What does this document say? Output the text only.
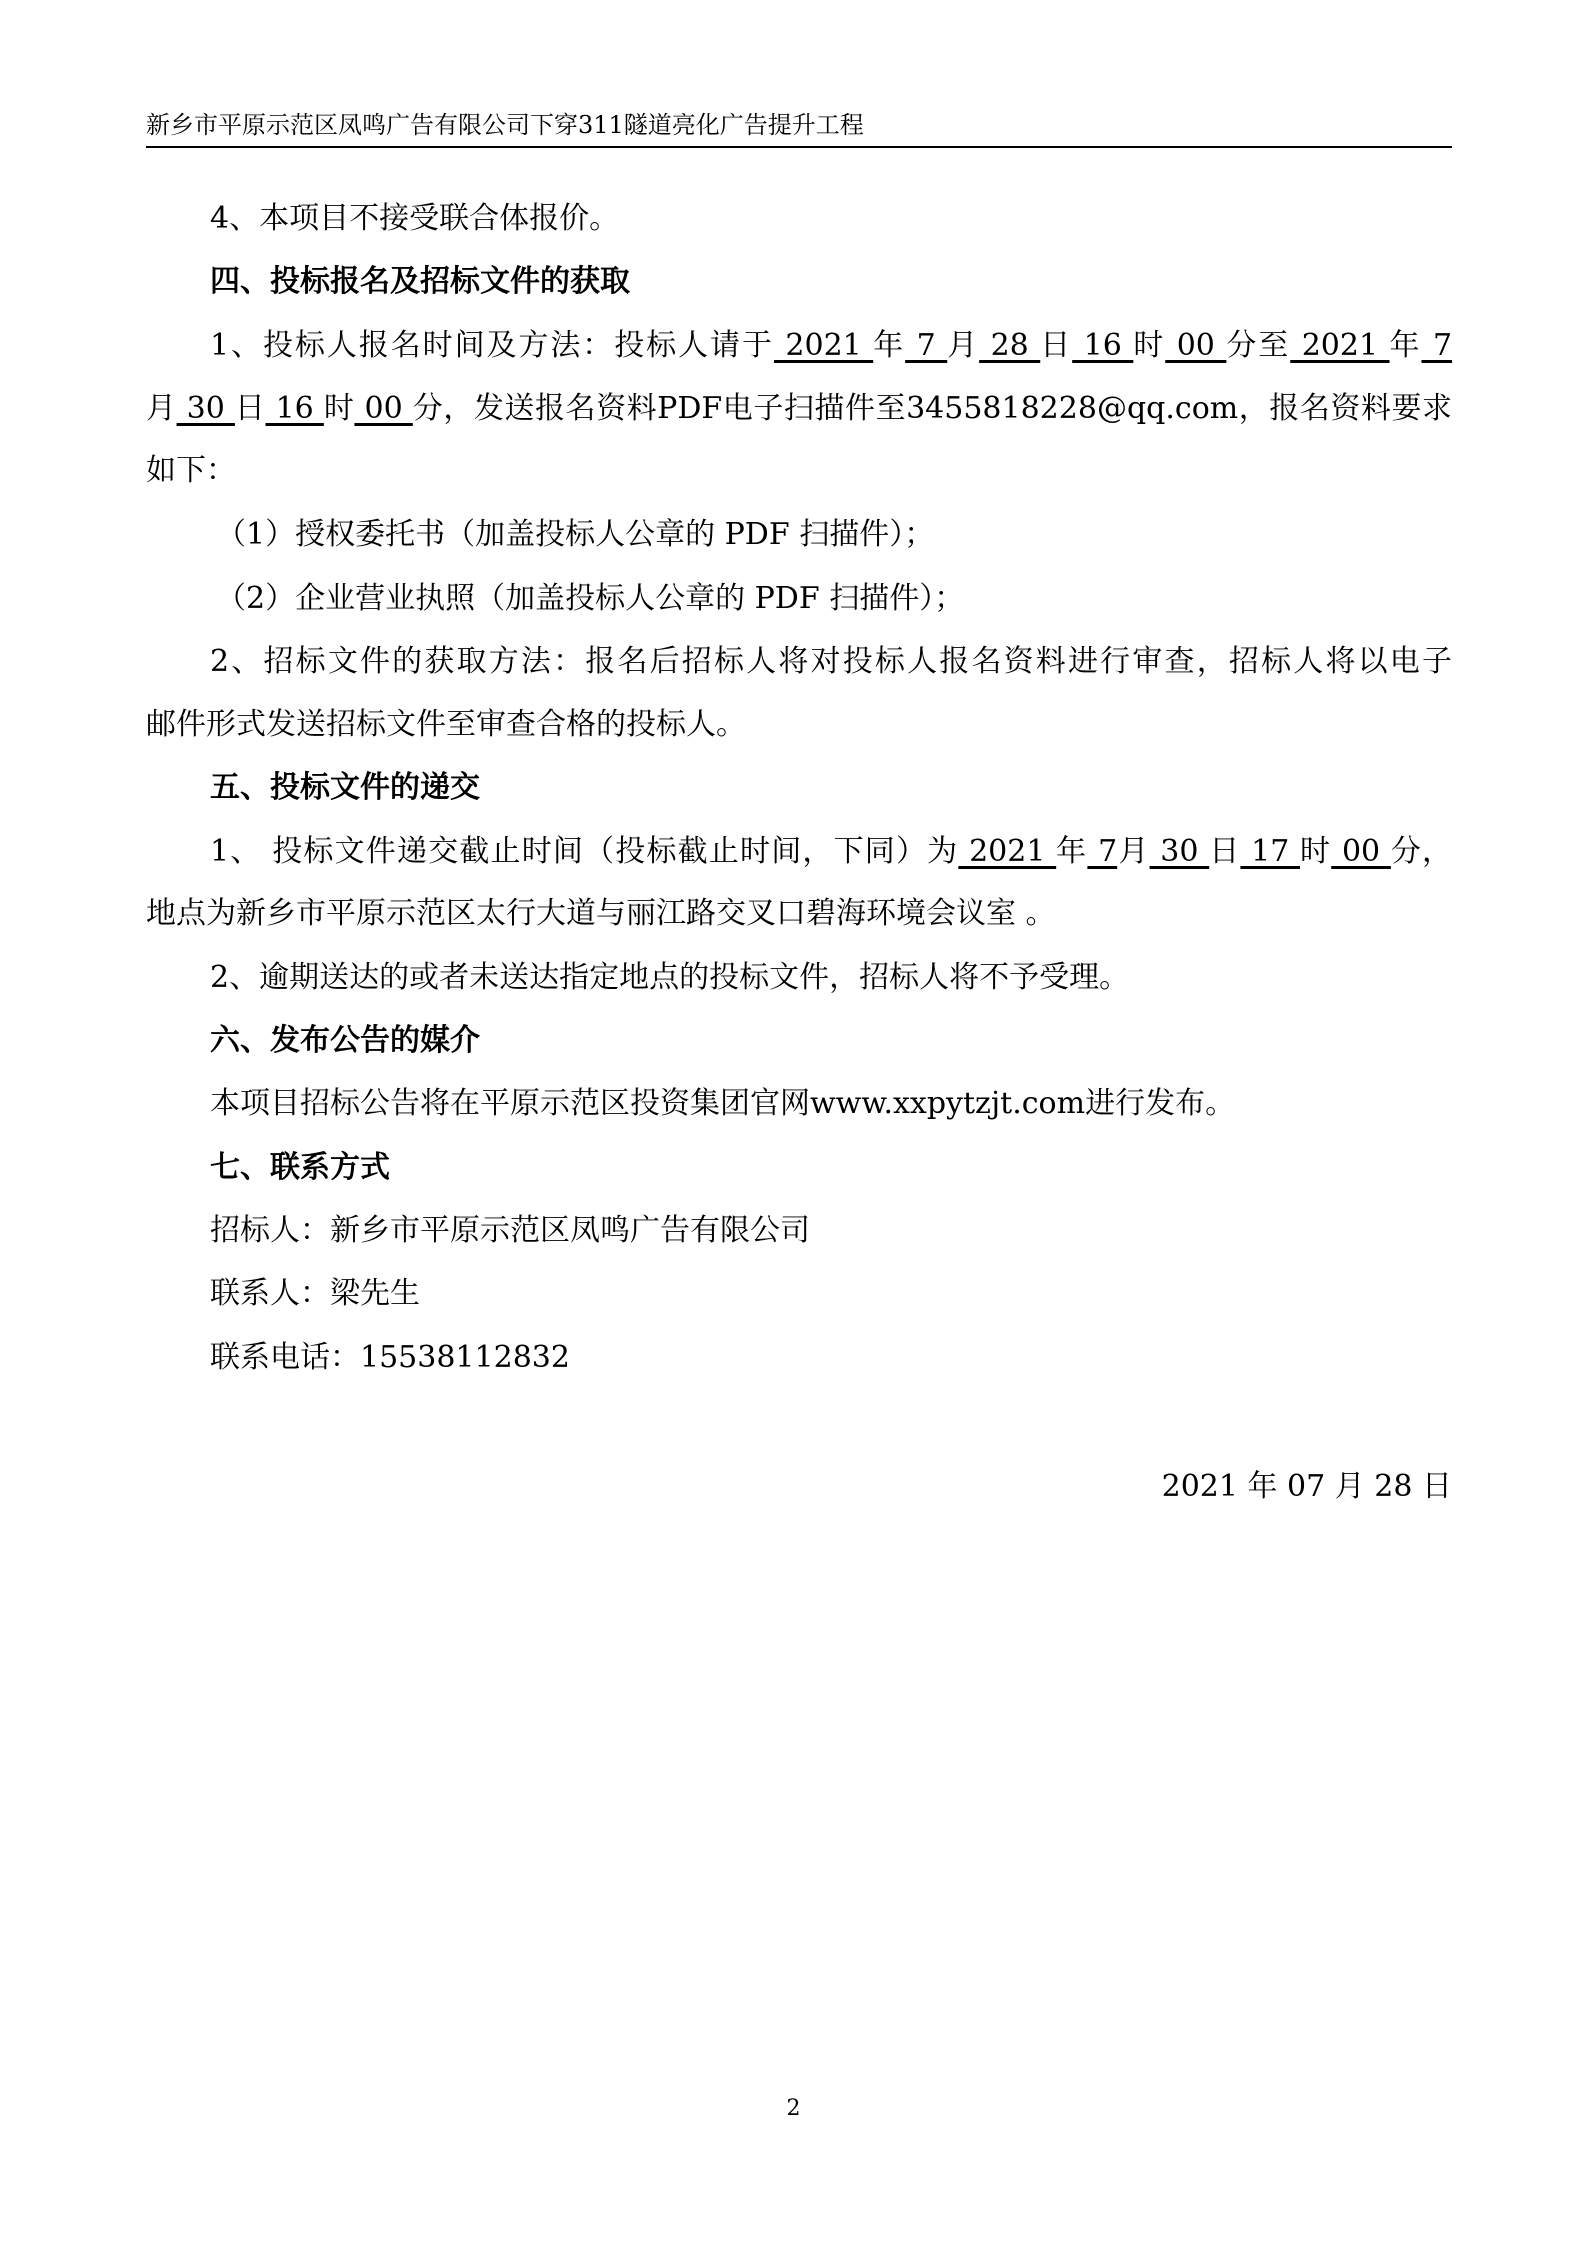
新乡市平原示范区凤鸣广告有限公司下穿311隧道亮化广告提升工程
4、本项目不接受联合体报价。
四、投标报名及招标文件的获取
1、投标人报名时间及方法：投标人请于 2021 年 7 月 28 日 16 时 00 分至 2021 年 7
月 30 日 16 时 00 分，发送报名资料PDF电子扫描件至3455818228@qq.com，报名资料要求
如下：
（1）授权委托书（加盖投标人公章的 PDF 扫描件）；
（2）企业营业执照（加盖投标人公章的 PDF 扫描件）；
2、招标文件的获取方法：报名后招标人将对投标人报名资料进行审查，招标人将以电子
邮件形式发送招标文件至审查合格的投标人。
五、投标文件的递交
1、 投标文件递交截止时间（投标截止时间，下同）为 2021 年 7月 30 日 17 时 00 分，
地点为新乡市平原示范区太行大道与丽江路交叉口碧海环境会议室 。
2、逾期送达的或者未送达指定地点的投标文件，招标人将不予受理。
六、发布公告的媒介
本项目招标公告将在平原示范区投资集团官网www.xxpytzjt.com进行发布。
七、联系方式
招标人：新乡市平原示范区凤鸣广告有限公司
联系人：梁先生
联系电话：15538112832
2021 年 07 月 28 日
2
